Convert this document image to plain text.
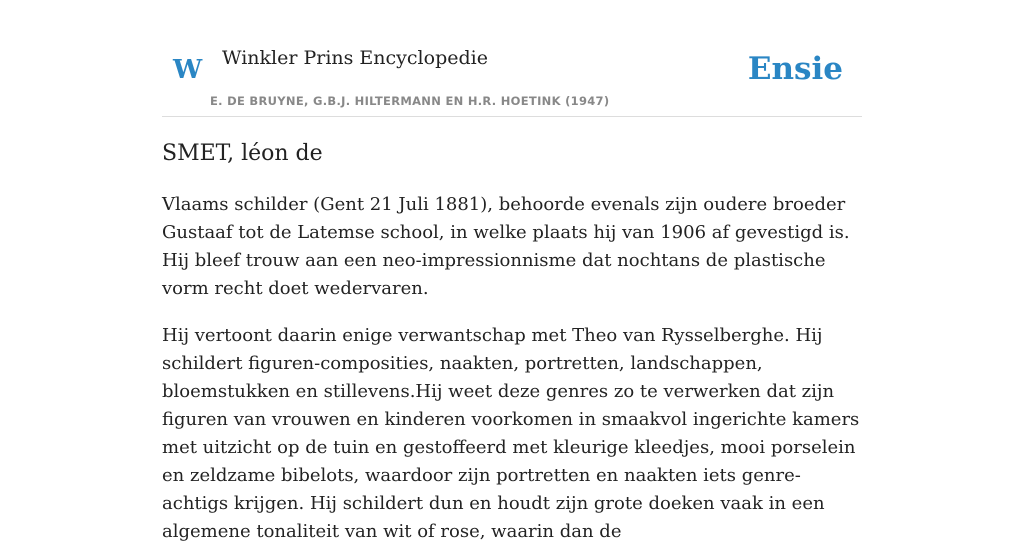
W Winkler Prins Encyclopedie
E. DE BRUYNE, G.B.J. HILTERMANN EN H.R. HOETINK (1947)
Ensie
SMET, léon de

Vlaams schilder (Gent 21 Juli 1881), behoorde evenals zijn oudere broeder Gustaaf tot de Latemse school, in welke plaats hij van 1906 af gevestigd is. Hij bleef trouw aan een neo-impressionnisme dat nochtans de plastische vorm recht doet wedervaren.

Hij vertoont daarin enige verwantschap met Theo van Rysselberghe. Hij schildert figuren-composities, naakten, portretten, landschappen, bloemstukken en stillevens.Hij weet deze genres zo te verwerken dat zijn figuren van vrouwen en kinderen voorkomen in smaakvol ingerichte kamers met uitzicht op de tuin en gestoffeerd met kleurige kleedjes, mooi porselein en zeldzame bibelots, waardoor zijn portretten en naakten iets genre-achtigs krijgen. Hij schildert dun en houdt zijn grote doeken vaak in een algemene tonaliteit van wit of rose, waarin dan de
